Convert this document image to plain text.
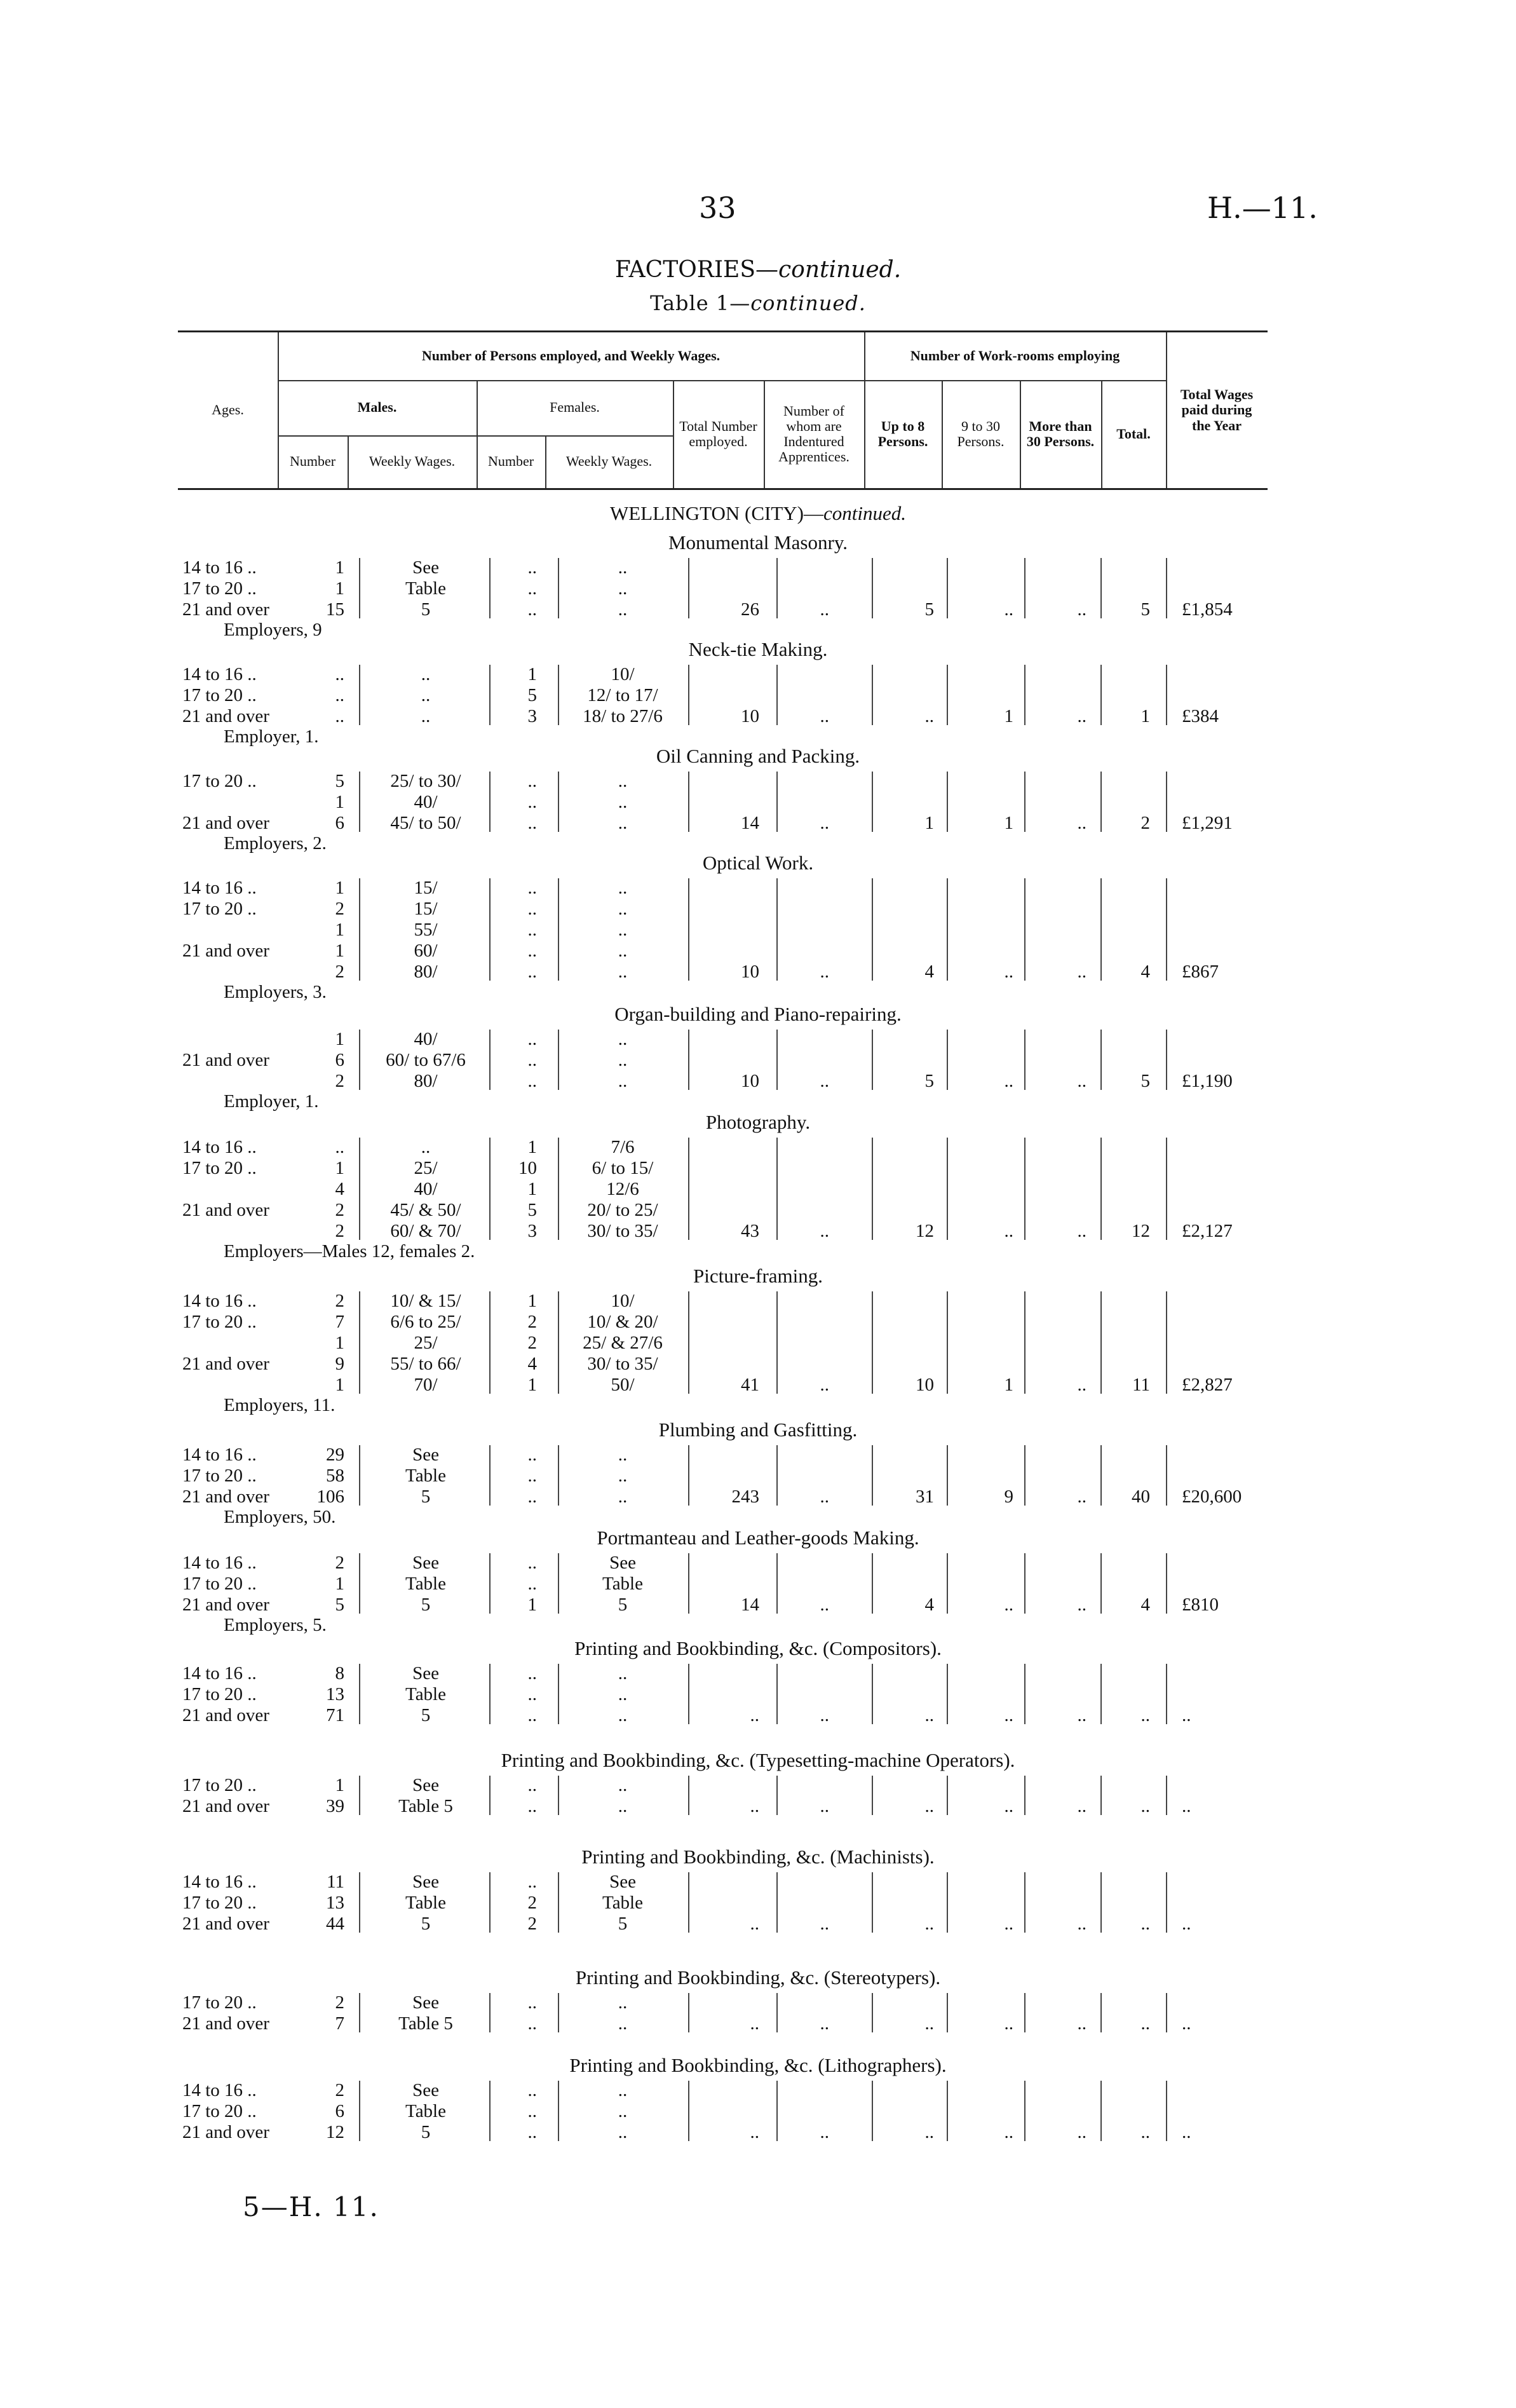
33	H.—11.
FACTORIES—continued.
Table 1—continued.
Ages.
Number of Persons employed, and Weekly Wages.	Number of Work-rooms employing
Males.	Females.
Number	Weekly Wages.	Number	Weekly Wages.
Total Number employed.
Number of whom are Indentured Apprentices.
Up to 8 Persons.
9 to 30 Persons.
More than 30 Persons.	Total.
Total Wages paid during the Year
WELLINGTON (CITY)—continued.
Monumental Masonry.
14 to 16 ..	1	See	..	..
17 to 20 ..	1	Table	..	..
21 and over	15	5	..	..	26	..	5	..	..	5 £1,854
Employers, 9
Neck-tie Making.
14 to 16 ..	..	..	1	10/
17 to 20 ..	..	..	5	12/ to 17/
21 and over	..	..	3	18/ to 27/6	10	..	..	1	..	1 £384
Employer, 1.
Oil Canning and Packing.
17 to 20 ..	5	25/ to 30/	..	..
1	40/	..	..
21 and over	6	45/ to 50/	..	..	14	..	1	1	..	2 £1,291
Employers, 2.
Optical Work.
14 to 16 ..	1	15/	..	..
17 to 20 ..	2	15/	..	..
1	55/	..	..
21 and over	1	60/	..	..
2	80/	..	..	10	..	4	..	..	4 £867
Employers, 3.
Organ-building and Piano-repairing.
1	40/	..	..
21 and over	6	60/ to 67/6	..	..
2	80/	..	..	10	..	5	..	..	5 £1,190
Employer, 1.
Photography.
14 to 16 ..	..	..	1	7/6
17 to 20 ..	1	25/	10	6/ to 15/
4	40/	1	12/6
21 and over	2	45/ & 50/	5	20/ to 25/
2	60/ & 70/	3	30/ to 35/	43	..	12	..	..	12 £2,127
Employers—Males 12, females 2.
Picture-framing.
14 to 16 ..	2	10/ & 15/	1	10/
17 to 20 ..	7	6/6 to 25/	2	10/ & 20/
1	25/	2	25/ & 27/6
21 and over	9	55/ to 66/	4	30/ to 35/
1	70/	1	50/	41	..	10	1	..	11 £2,827
Employers, 11.
Plumbing and Gasfitting.
14 to 16 ..	29	See	..	..
17 to 20 ..	58	Table	..	..
21 and over	106	5	..	..	243	..	31	9	..	40 £20,600
Employers, 50.
Portmanteau and Leather-goods Making.
14 to 16 ..	2	See	..	See
17 to 20 ..	1	Table	..	Table
21 and over	5	5	1	5	14	..	4	..	..	4 £810
Employers, 5.
Printing and Bookbinding, &c. (Compositors).
14 to 16 ..	8	See	..	..
17 to 20 ..	13	Table	..	..
21 and over	71	5	..	..	..	..	..	..	..	.. ..
Printing and Bookbinding, &c. (Typesetting-machine Operators).
17 to 20 ..	1	See	..	..
21 and over	39	Table 5	..	..	..	..	..	..	..	.. ..
Printing and Bookbinding, &c. (Machinists).
14 to 16 ..	11	See	..	See
17 to 20 ..	13	Table	2	Table
21 and over	44	5	2	5	..	..	..	..	..	.. ..
Printing and Bookbinding, &c. (Stereotypers).
17 to 20 ..	2	See	..	..
21 and over	7	Table 5	..	..	..	..	..	..	..	.. ..
Printing and Bookbinding, &c. (Lithographers).
14 to 16 ..	2	See	..	..
17 to 20 ..	6	Table	..	..
21 and over	12	5	..	..	..	..	..	..	..	.. ..
5—H. 11.
